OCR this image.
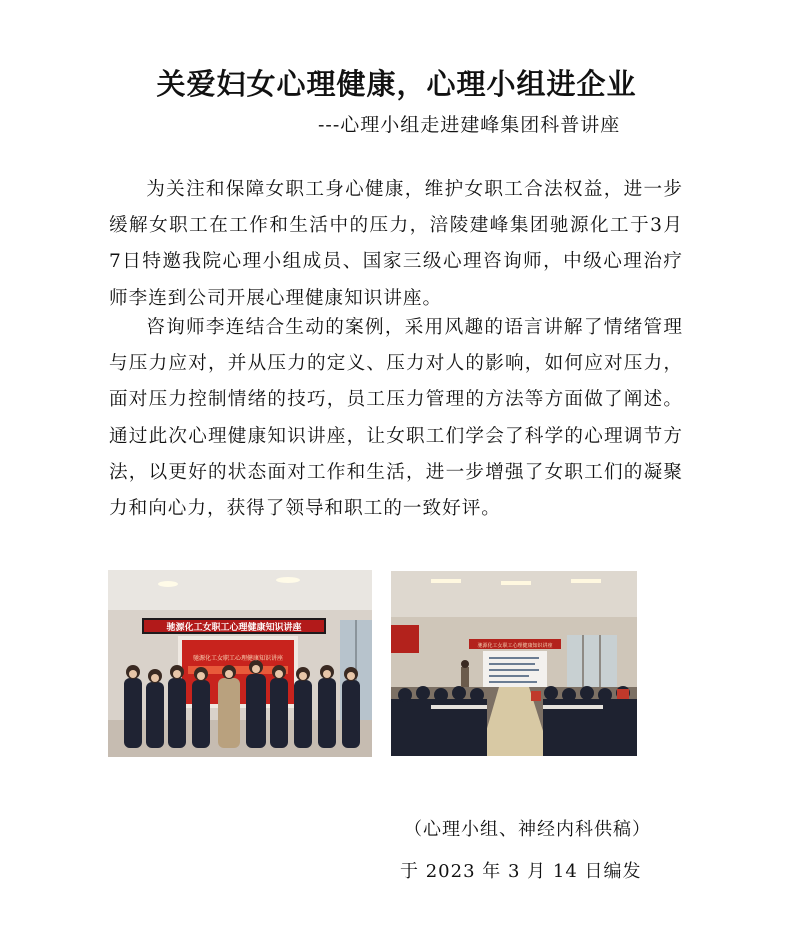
关爱妇女心理健康，心理小组进企业
---心理小组走进建峰集团科普讲座
为关注和保障女职工身心健康，维护女职工合法权益，进一步缓解女职工在工作和生活中的压力，涪陵建峰集团驰源化工于3月7日特邀我院心理小组成员、国家三级心理咨询师，中级心理治疗师李连到公司开展心理健康知识讲座。
咨询师李连结合生动的案例，采用风趣的语言讲解了情绪管理与压力应对，并从压力的定义、压力对人的影响，如何应对压力，面对压力控制情绪的技巧，员工压力管理的方法等方面做了阐述。通过此次心理健康知识讲座，让女职工们学会了科学的心理调节方法，以更好的状态面对工作和生活，进一步增强了女职工们的凝聚力和向心力，获得了领导和职工的一致好评。
驰源化工女职工心理健康知识讲座
驰源化工女职工心理健康知识讲座
驰源化工女职工心理健康知识讲座
（心理小组、神经内科供稿）
于 2023 年 3 月 14 日编发
